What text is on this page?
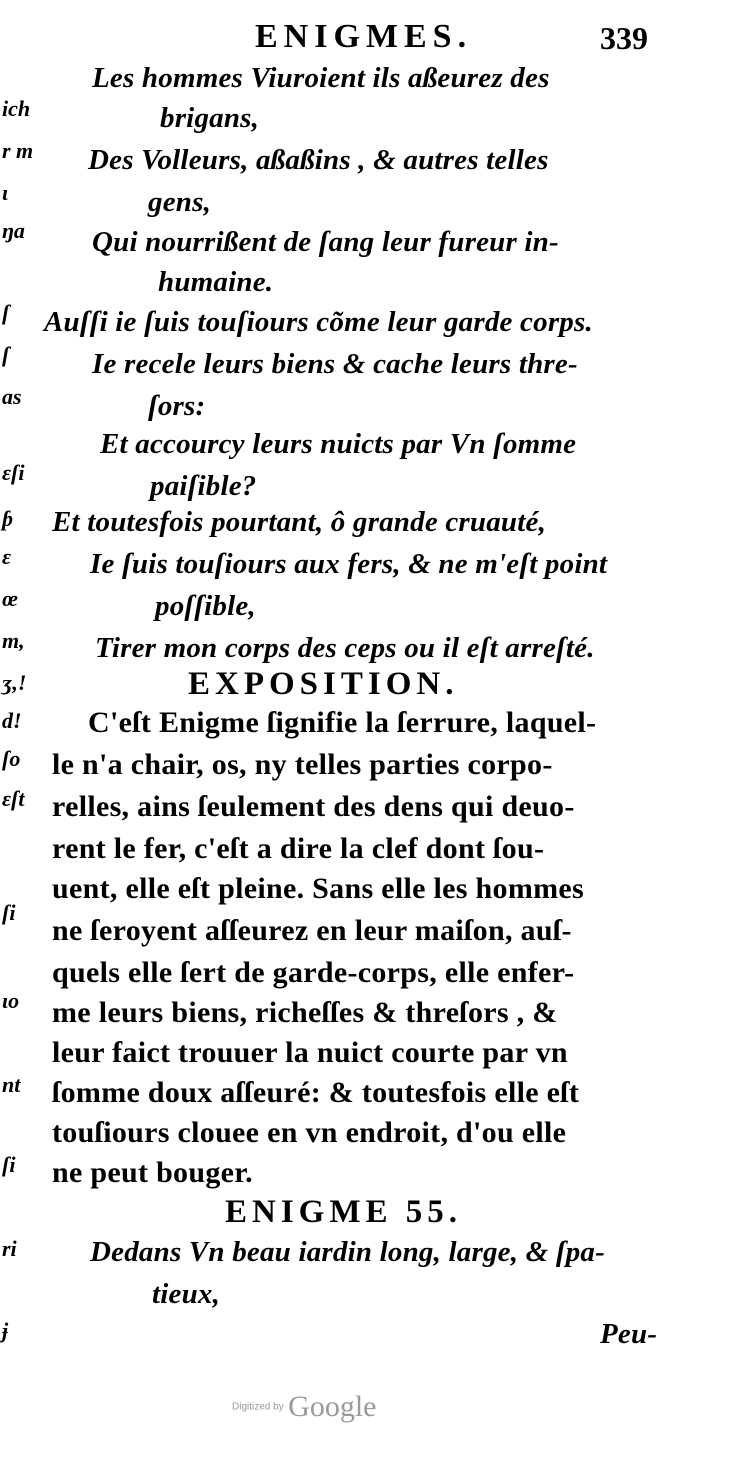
ich
r m
ɩ
ŋa
ſ
ſ
as
ɛſi
ƥ
ɛ
œ
m,
ʒ,!
d!
ſo
ɛſt
ſi
ɩo
nt
ſi
ri
ɉ
ENIGMES.	339
Les hommes Viuroient ils aßeurez des
brigans,
Des Volleurs, aßaßins , & autres telles
gens,
Qui nourrißent de ſang leur fureur in-
humaine.
Auſſi ie ſuis touſiours cõme leur garde corps.
Ie recele leurs biens & cache leurs thre-
ſors:
Et accourcy leurs nuicts par Vn ſomme
paiſible?
Et toutesfois pourtant, ô grande cruauté,
Ie ſuis touſiours aux fers, & ne m'eſt point
poſſible,
Tirer mon corps des ceps ou il eſt arreſté.
EXPOSITION.
C'eſt Enigme ſignifie la ſerrure, laquel-
le n'a chair, os, ny telles parties corpo-
relles, ains ſeulement des dens qui deuo-
rent le fer, c'eſt a dire la clef dont ſou-
uent, elle eſt pleine. Sans elle les hommes
ne ſeroyent aſſeurez en leur maiſon, auſ-
quels elle ſert de garde-corps, elle enfer-
me leurs biens, richeſſes & threſors , &
leur faict trouuer la nuict courte par vn
ſomme doux aſſeuré: & toutesfois elle eſt
touſiours clouee en vn endroit, d'ou elle
ne peut bouger.
ENIGME 55.
Dedans Vn beau iardin long, large, & ſpa-
tieux,
Peu-
Digitized by Google
